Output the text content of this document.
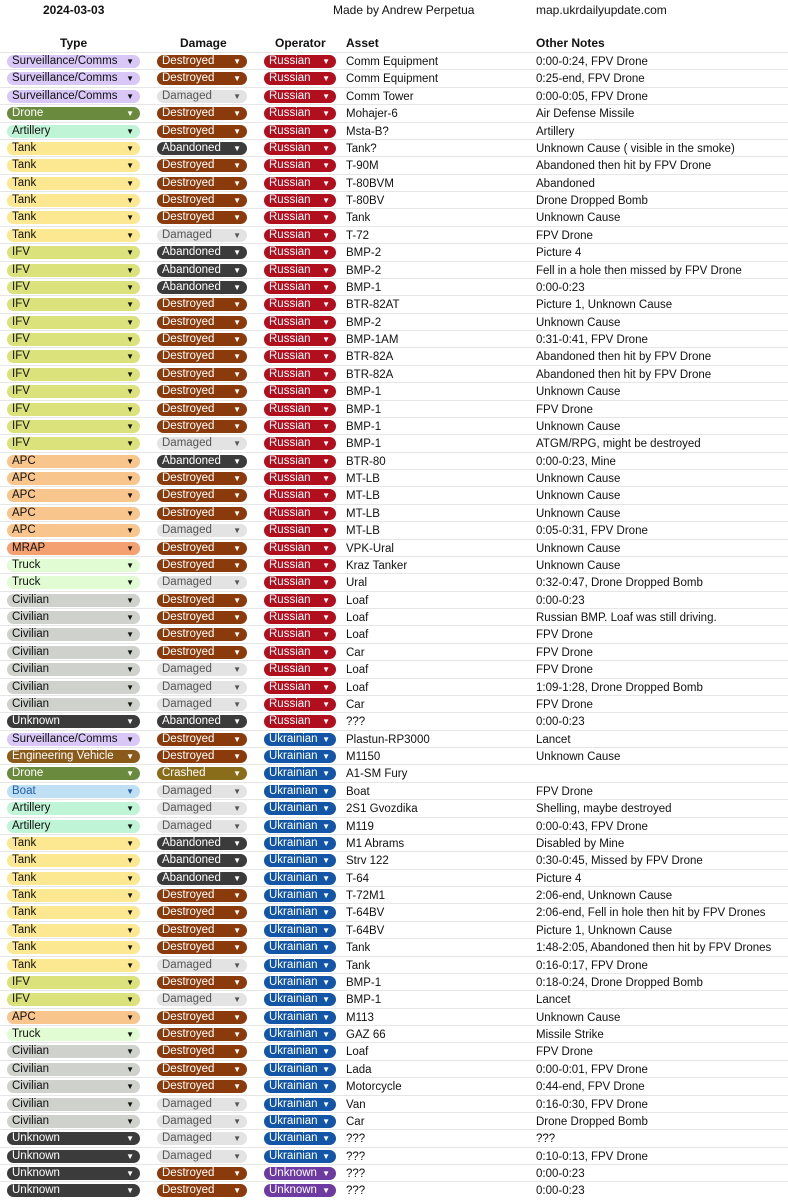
2024-03-03	Made by Andrew Perpetua	map.ukrdailyupdate.com
Type	Damage	Operator Asset	Other Notes
Surveillance/Comms ▼	Destroyed ▼	Russian ▼ Comm Equipment	0:00-0:24, FPV Drone
Surveillance/Comms ▼	Destroyed ▼	Russian ▼ Comm Equipment	0:25-end, FPV Drone
Surveillance/Comms ▼	Damaged	▼	Russian ▼ Comm Tower	0:00-0:05, FPV Drone
Drone	▼	Destroyed ▼	Russian ▼ Mohajer-6	Air Defense Missile
Artillery	▼	Destroyed ▼	Russian ▼ Msta-B?	Artillery
Tank	▼	Abandoned ▼	Russian ▼ Tank?	Unknown Cause ( visible in the smoke)
Tank	▼	Destroyed ▼	Russian ▼ T-90M	Abandoned then hit by FPV Drone
Tank	▼	Destroyed ▼	Russian ▼ T-80BVM	Abandoned
Tank	▼	Destroyed ▼	Russian ▼ T-80BV	Drone Dropped Bomb
Tank	▼	Destroyed ▼	Russian ▼ Tank	Unknown Cause
Tank	▼	Damaged	▼	Russian ▼ T-72	FPV Drone
IFV	▼	Abandoned ▼	Russian ▼ BMP-2	Picture 4
IFV	▼	Abandoned ▼	Russian ▼ BMP-2	Fell in a hole then missed by FPV Drone
IFV	▼	Abandoned ▼	Russian ▼ BMP-1	0:00-0:23
IFV	▼	Destroyed ▼	Russian ▼ BTR-82AT	Picture 1, Unknown Cause
IFV	▼	Destroyed ▼	Russian ▼ BMP-2	Unknown Cause
IFV	▼	Destroyed ▼	Russian ▼ BMP-1AM	0:31-0:41, FPV Drone
IFV	▼	Destroyed ▼	Russian ▼ BTR-82A	Abandoned then hit by FPV Drone
IFV	▼	Destroyed ▼	Russian ▼ BTR-82A	Abandoned then hit by FPV Drone
IFV	▼	Destroyed ▼	Russian ▼ BMP-1	Unknown Cause
IFV	▼	Destroyed ▼	Russian ▼ BMP-1	FPV Drone
IFV	▼	Destroyed ▼	Russian ▼ BMP-1	Unknown Cause
IFV	▼	Damaged	▼	Russian ▼ BMP-1	ATGM/RPG, might be destroyed
APC	▼	Abandoned ▼	Russian ▼ BTR-80	0:00-0:23, Mine
APC	▼	Destroyed ▼	Russian ▼ MT-LB	Unknown Cause
APC	▼	Destroyed ▼	Russian ▼ MT-LB	Unknown Cause
APC	▼	Destroyed ▼	Russian ▼ MT-LB	Unknown Cause
APC	▼	Damaged	▼	Russian ▼ MT-LB	0:05-0:31, FPV Drone
MRAP	▼	Destroyed ▼	Russian ▼ VPK-Ural	Unknown Cause
Truck	▼	Destroyed ▼	Russian ▼ Kraz Tanker	Unknown Cause
Truck	▼	Damaged	▼	Russian ▼ Ural	0:32-0:47, Drone Dropped Bomb
Civilian	▼	Destroyed ▼	Russian ▼ Loaf	0:00-0:23
Civilian	▼	Destroyed ▼	Russian ▼ Loaf	Russian BMP. Loaf was still driving.
Civilian	▼	Destroyed ▼	Russian ▼ Loaf	FPV Drone
Civilian	▼	Destroyed ▼	Russian ▼ Car	FPV Drone
Civilian	▼	Damaged	▼	Russian ▼ Loaf	FPV Drone
Civilian	▼	Damaged	▼	Russian ▼ Loaf	1:09-1:28, Drone Dropped Bomb
Civilian	▼	Damaged	▼	Russian ▼ Car	FPV Drone
Unknown	▼	Abandoned ▼	Russian ▼ ???	0:00-0:23
Surveillance/Comms ▼	Destroyed ▼	Ukrainian ▼ Plastun-RP3000	Lancet
Engineering Vehicle ▼	Destroyed ▼	Ukrainian ▼ M1150	Unknown Cause
Drone	▼	Crashed	▼	Ukrainian ▼ A1-SM Fury
Boat	▼	Damaged	▼	Ukrainian ▼ Boat	FPV Drone
Artillery	▼	Damaged	▼	Ukrainian ▼ 2S1 Gvozdika	Shelling, maybe destroyed
Artillery	▼	Damaged	▼	Ukrainian ▼ M119	0:00-0:43, FPV Drone
Tank	▼	Abandoned ▼	Ukrainian ▼ M1 Abrams	Disabled by Mine
Tank	▼	Abandoned ▼	Ukrainian ▼ Strv 122	0:30-0:45, Missed by FPV Drone
Tank	▼	Abandoned ▼	Ukrainian ▼ T-64	Picture 4
Tank	▼	Destroyed ▼	Ukrainian ▼ T-72M1	2:06-end, Unknown Cause
Tank	▼	Destroyed ▼	Ukrainian ▼ T-64BV	2:06-end, Fell in hole then hit by FPV Drones
Tank	▼	Destroyed ▼	Ukrainian ▼ T-64BV	Picture 1, Unknown Cause
Tank	▼	Destroyed ▼	Ukrainian ▼ Tank	1:48-2:05, Abandoned then hit by FPV Drones
Tank	▼	Damaged	▼	Ukrainian ▼ Tank	0:16-0:17, FPV Drone
IFV	▼	Destroyed ▼	Ukrainian ▼ BMP-1	0:18-0:24, Drone Dropped Bomb
IFV	▼	Damaged	▼	Ukrainian ▼ BMP-1	Lancet
APC	▼	Destroyed ▼	Ukrainian ▼ M113	Unknown Cause
Truck	▼	Destroyed ▼	Ukrainian ▼ GAZ 66	Missile Strike
Civilian	▼	Destroyed ▼	Ukrainian ▼ Loaf	FPV Drone
Civilian	▼	Destroyed ▼	Ukrainian ▼ Lada	0:00-0:01, FPV Drone
Civilian	▼	Destroyed ▼	Ukrainian ▼ Motorcycle	0:44-end, FPV Drone
Civilian	▼	Damaged	▼	Ukrainian ▼ Van	0:16-0:30, FPV Drone
Civilian	▼	Damaged	▼	Ukrainian ▼ Car	Drone Dropped Bomb
Unknown	▼	Damaged	▼	Ukrainian ▼ ???	???
Unknown	▼	Damaged	▼	Ukrainian ▼ ???	0:10-0:13, FPV Drone
Unknown	▼	Destroyed ▼	Unknown ▼ ???	0:00-0:23
Unknown	▼	Destroyed ▼	Unknown ▼ ???	0:00-0:23
